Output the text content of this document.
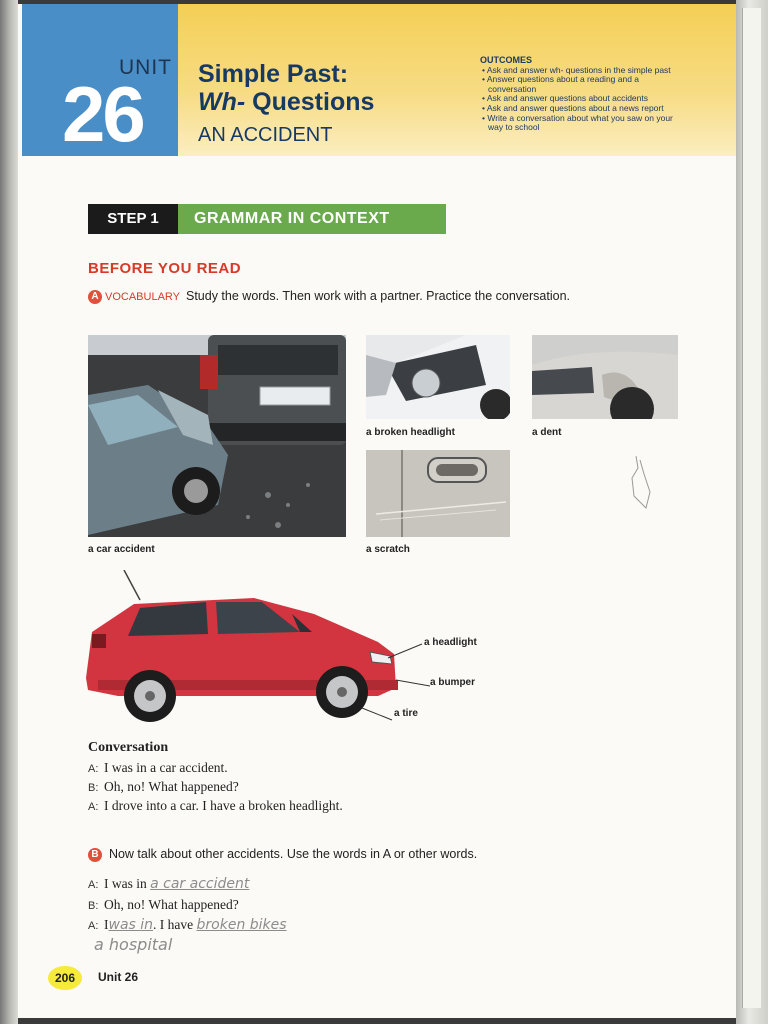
UNIT
26 Simple Past:
Wh- Questions
AN ACCIDENT
OUTCOMES
• Ask and answer wh- questions in the simple past
• Answer questions about a reading and a conversation
• Ask and answer questions about accidents
• Ask and answer questions about a news report
• Write a conversation about what you saw on your way to school
STEP 1	GRAMMAR IN CONTEXT
BEFORE YOU READ
A VOCABULARY Study the words. Then work with a partner. Practice the conversation.
a car accident
a broken headlight	a dent
a scratch
a headlight
a bumper
a tire
Conversation
A: I was in a car accident.
B: Oh, no! What happened?
A: I drove into a car. I have a broken headlight.
B Now talk about other accidents. Use the words in A or other words.
A: I was in a car accident
B: Oh, no! What happened?
A: Iwas in. I have broken bikes
a hospital
206	Unit 26
